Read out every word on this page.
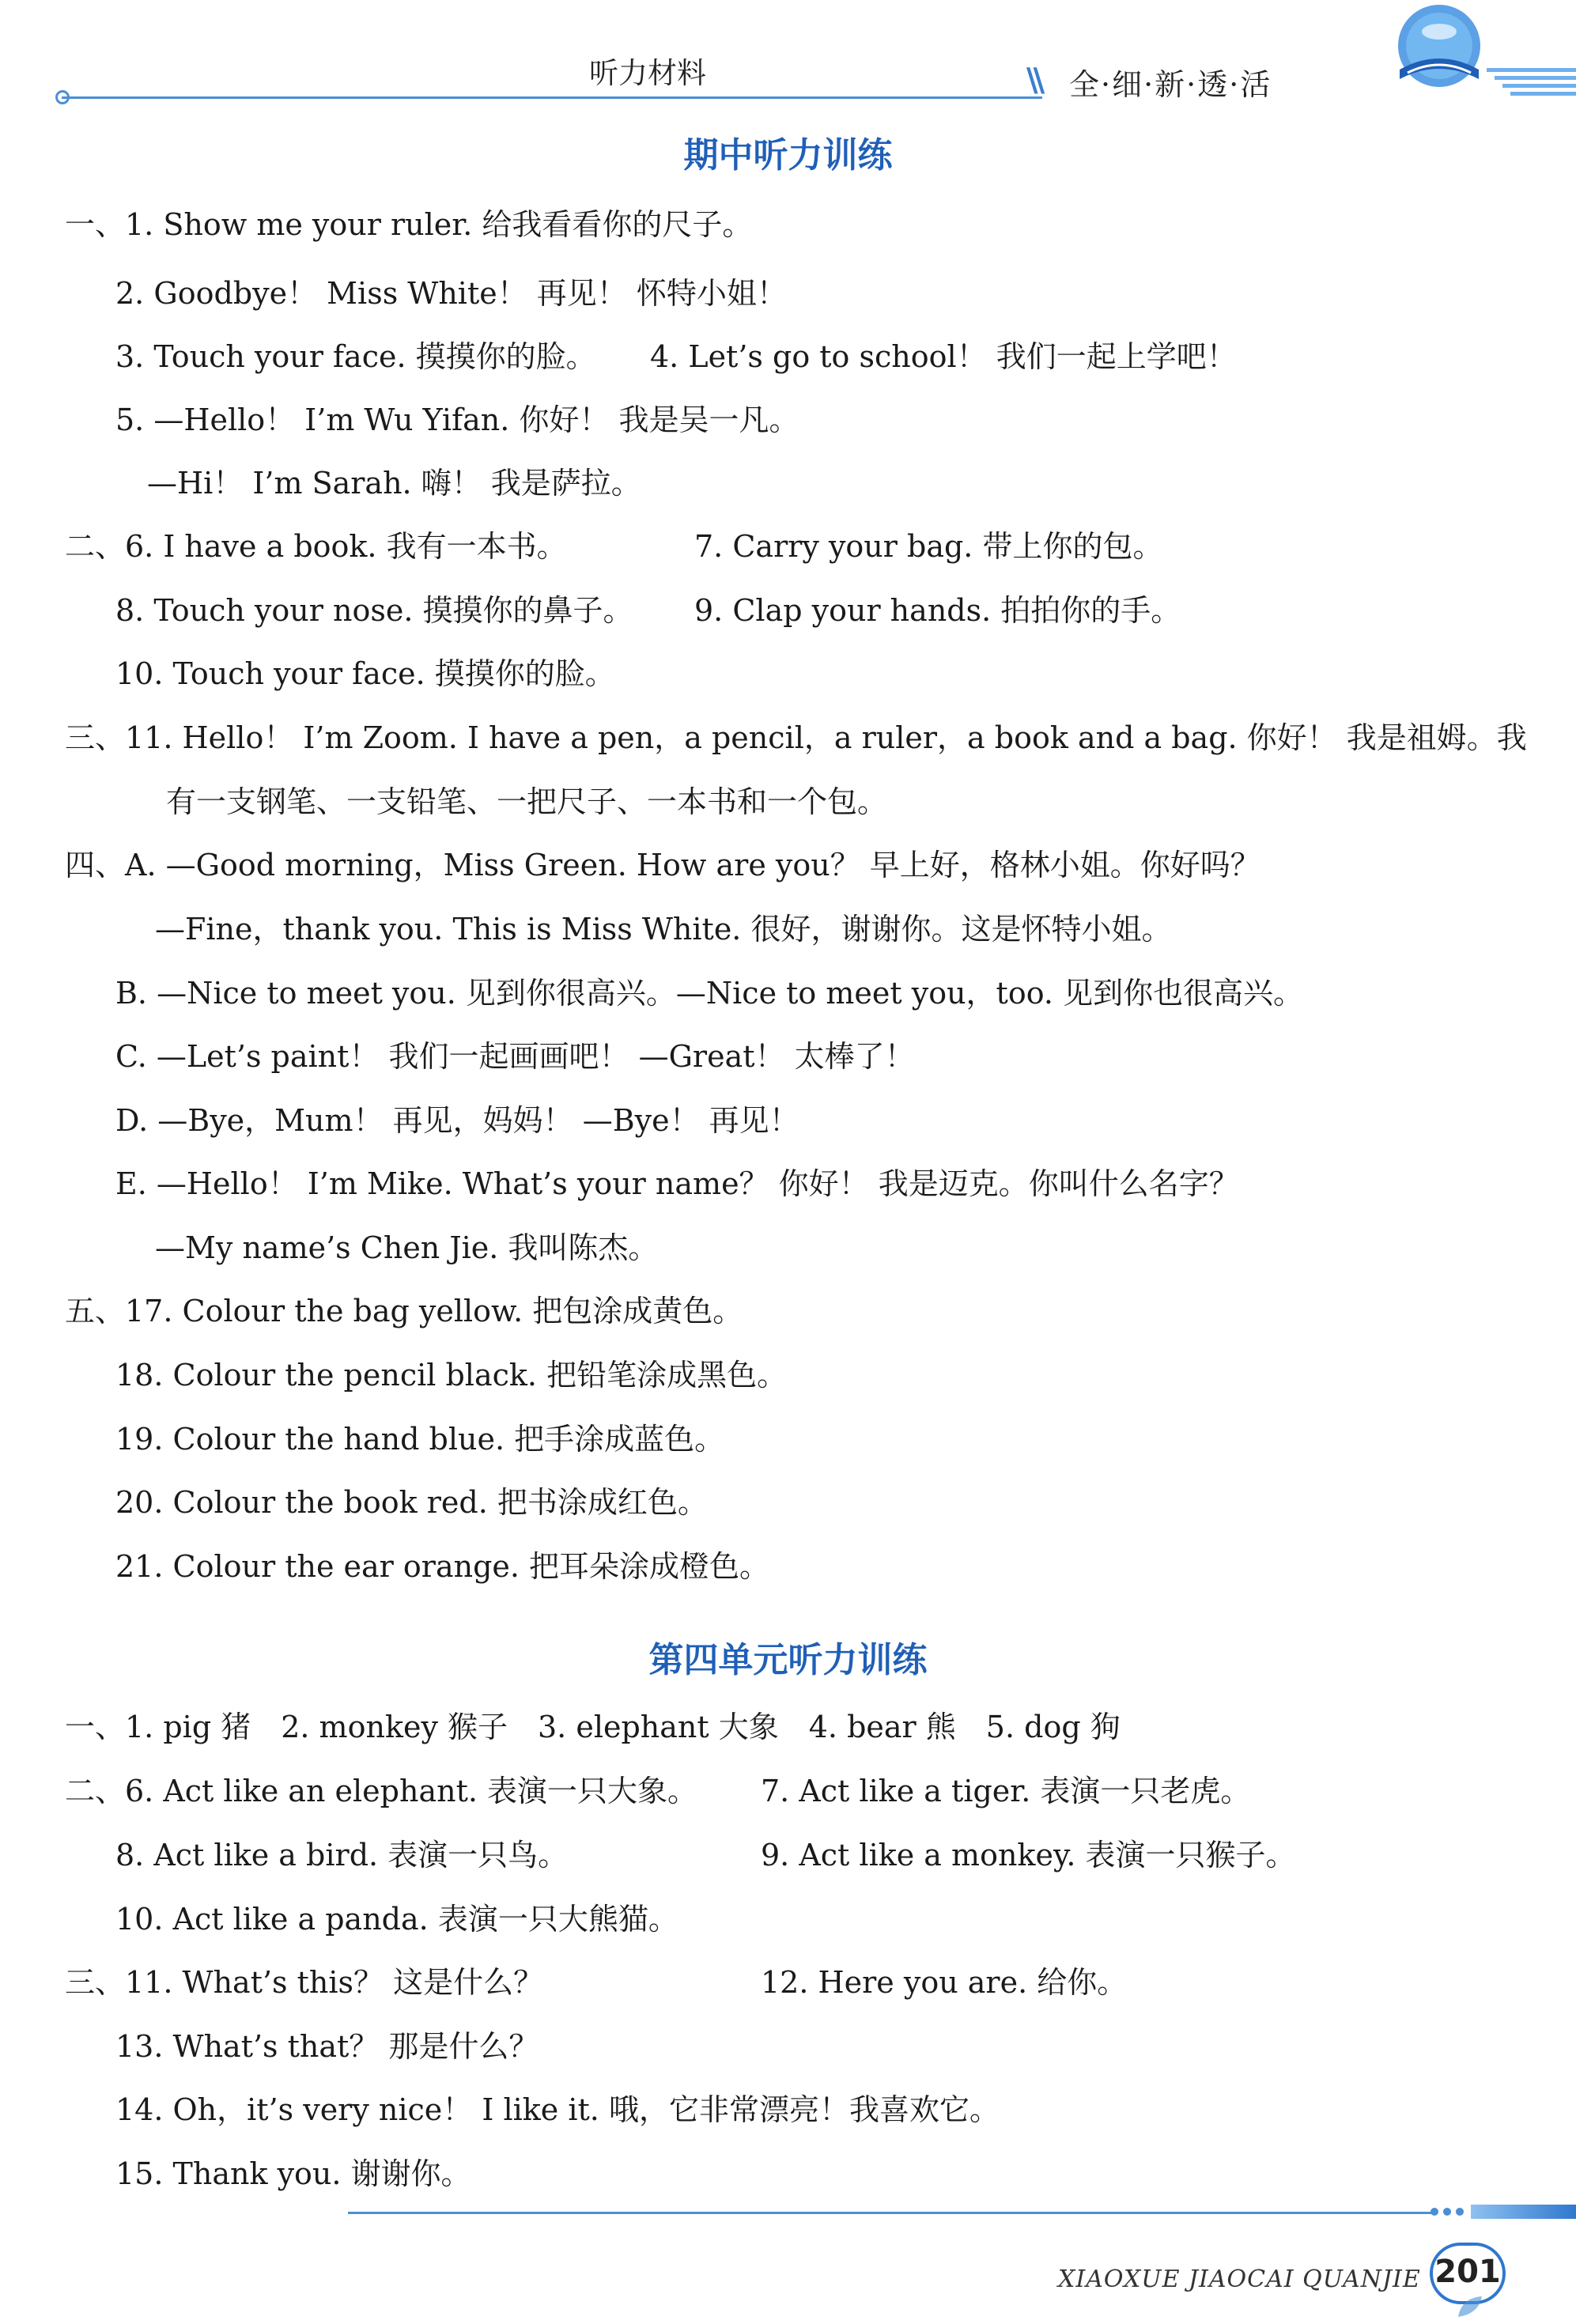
听力材料	\\ 全·细·新·透·活
期中听力训练
一、1. Show me your ruler. 给我看看你的尺子。
2. Goodbye！ Miss White！ 再见！ 怀特小姐！
3. Touch your face. 摸摸你的脸。 4. Let’s go to school！ 我们一起上学吧！
5. —Hello！ I’m Wu Yifan. 你好！ 我是吴一凡。
—Hi！ I’m Sarah. 嗨！ 我是萨拉。
二、6. I have a book. 我有一本书。	7. Carry your bag. 带上你的包。
8. Touch your nose. 摸摸你的鼻子。 9. Clap your hands. 拍拍你的手。
10. Touch your face. 摸摸你的脸。
三、11. Hello！ I’m Zoom. I have a pen，a pencil，a ruler，a book and a bag. 你好！ 我是祖姆。我
有一支钢笔、一支铅笔、一把尺子、一本书和一个包。
四、A. —Good morning，Miss Green. How are you？ 早上好，格林小姐。你好吗？
—Fine，thank you. This is Miss White. 很好，谢谢你。这是怀特小姐。
B. —Nice to meet you. 见到你很高兴。—Nice to meet you，too. 见到你也很高兴。
C. —Let’s paint！ 我们一起画画吧！ —Great！ 太棒了！
D. —Bye，Mum！ 再见，妈妈！ —Bye！ 再见！
E. —Hello！ I’m Mike. What’s your name？ 你好！ 我是迈克。你叫什么名字？
—My name’s Chen Jie. 我叫陈杰。
五、17. Colour the bag yellow. 把包涂成黄色。
18. Colour the pencil black. 把铅笔涂成黑色。
19. Colour the hand blue. 把手涂成蓝色。
20. Colour the book red. 把书涂成红色。
21. Colour the ear orange. 把耳朵涂成橙色。
第四单元听力训练
一、1. pig 猪　2. monkey 猴子　3. elephant 大象　4. bear 熊　5. dog 狗
二、6. Act like an elephant. 表演一只大象。 7. Act like a tiger. 表演一只老虎。
8. Act like a bird. 表演一只鸟。	9. Act like a monkey. 表演一只猴子。
10. Act like a panda. 表演一只大熊猫。
三、11. What’s this？ 这是什么？	12. Here you are. 给你。
13. What’s that？ 那是什么？
14. Oh，it’s very nice！ I like it. 哦，它非常漂亮！我喜欢它。
15. Thank you. 谢谢你。
XIAOXUE JIAOCAI QUANJIE 201
